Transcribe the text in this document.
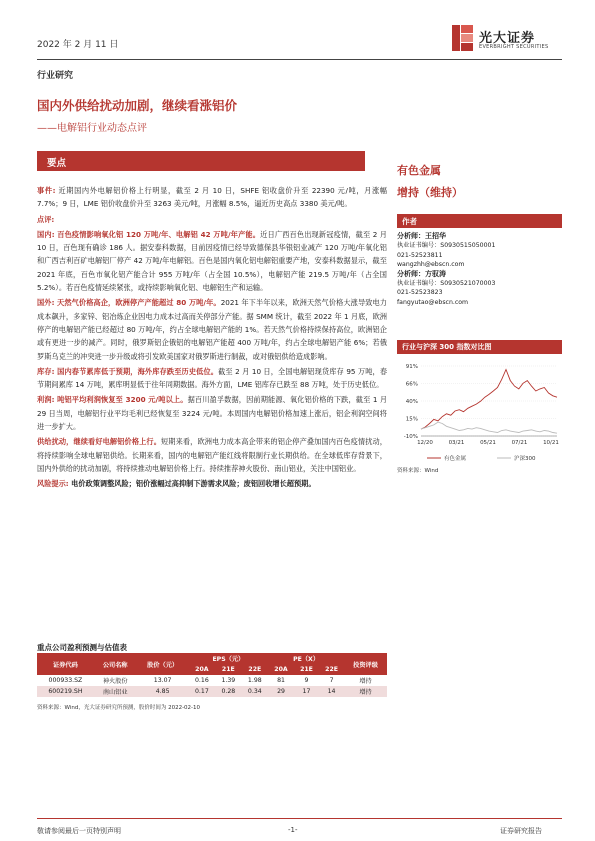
2022 年 2 月 11 日	光大证券
EVERBRIGHT SECURITIES
行业研究
国内外供给扰动加剧，继续看涨铝价
——电解铝行业动态点评
要点

事件: 近期国内外电解铝价格上行明显，截至 2 月 10 日，SHFE 铝收盘价升至 22390 元/吨，月涨幅 7.7%；9 日，LME 铝价收盘价升至 3263 美元/吨，月涨幅 8.5%，逼近历史高点 3380 美元/吨。

点评:

国内: 百色疫情影响氧化铝 120 万吨/年、电解铝 42 万吨/年产能。近日广西百色出现新冠疫情，截至 2 月 10 日，百色现有确诊 186 人。据安泰科数据，目前因疫情已经导致德保县华银铝业减产 120 万吨/年氧化铝和广西吉利百矿电解铝厂停产 42 万吨/年电解铝。百色是国内氧化铝电解铝重要产地，安泰科数据显示，截至 2021 年底，百色市氧化铝产能合计 955 万吨/年（占全国 10.5%），电解铝产能 219.5 万吨/年（占全国 5.2%）。若百色疫情延续紧张，或持续影响氧化铝、电解铝生产和运输。

国外: 天然气价格高企，欧洲停产产能超过 80 万吨/年。2021 年下半年以来，欧洲天然气价格大涨导致电力成本飙升，多家锌、铝冶炼企业因电力成本过高而关停部分产能。据 SMM 统计，截至 2022 年 1 月底，欧洲停产的电解铝产能已经超过 80 万吨/年，约占全球电解铝产能的 1%。若天然气价格持续保持高位，欧洲铝企或有更进一步的减产。同时，俄罗斯铝企俄铝的电解铝产能超 400 万吨/年，约占全球电解铝产能 6%；若俄罗斯乌克兰的冲突进一步升级或将引发欧美国家对俄罗斯进行制裁，或对俄铝供给造成影响。

库存: 国内春节累库低于预期，海外库存跌至历史低位。截至 2 月 10 日，全国电解铝现货库存 95 万吨，春节期间累库 14 万吨，累库明显低于往年同期数据。海外方面，LME 铝库存已跌至 88 万吨，处于历史低位。

利润: 吨铝平均利润恢复至 3200 元/吨以上。据百川盈孚数据，因前期能源、氧化铝价格的下跌，截至 1 月 29 日当周，电解铝行业平均毛利已经恢复至 3224 元/吨。本周国内电解铝价格加速上涨后，铝企利润空间将进一步扩大。

供给扰动，继续看好电解铝价格上行。短期来看，欧洲电力成本高企带来的铝企停产叠加国内百色疫情扰动，将持续影响全球电解铝供给。长期来看，国内的电解铝产能红线将限制行业长期供给。在全球低库存背景下，国内外供给的扰动加剧，将持续推动电解铝价格上行。持续推荐神火股份、南山铝业，关注中国铝业。

风险提示: 电价政策调整风险；铝价涨幅过高抑制下游需求风险；废铝回收增长超预期。

有色金属
增持（维持）
作者
分析师：王招华
执业证书编号：S0930515050001
021-52523811
wangzhh@ebscn.com
分析师：方驭涛
执业证书编号：S0930521070003
021-52523823
fangyutao@ebscn.com
行业与沪深 300 指数对比图
91%
66%
40%
15%
-10%
12/20	03/21	05/21	07/21	10/21
有色金属	沪深300
资料来源：Wind
重点公司盈利预测与估值表
证券代码	公司名称	股价（元）	EPS（元）			PE（X）			投资评级
			20A	21E	22E	20A	21E	22E	
000933.SZ	神火股份	13.07	0.16	1.39	1.98	81	9	7	增持
600219.SH	南山铝业	4.85	0.17	0.28	0.34	29	17	14	增持
资料来源：Wind，光大证券研究所预测，股价时间为 2022-02-10
敬请参阅最后一页特别声明	-1-	证券研究报告
